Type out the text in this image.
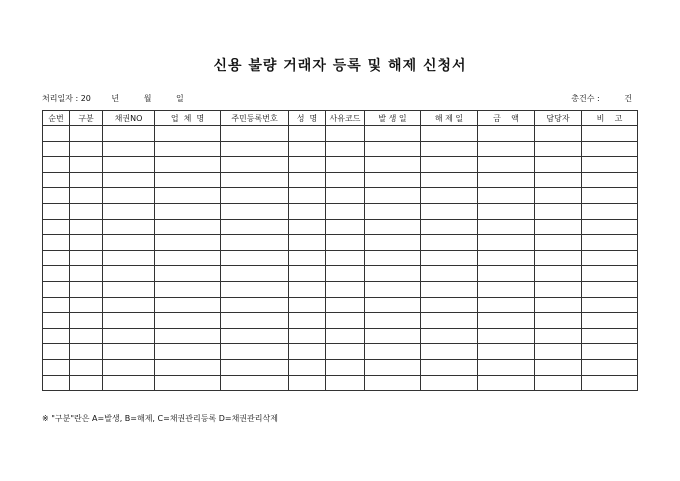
신용 불량 거래자 등록 및 해제 신청서
처리일자 : 20	년	월	일	총건수 :	건
순번	구분	채권NO	업  체  명	주민등록번호	성  명	사유코드	발 생 일	해 제 일	금    액	담당자	비    고

※ "구분"란은 A=발생, B=해제, C=채권관리등록 D=채권관리삭제
